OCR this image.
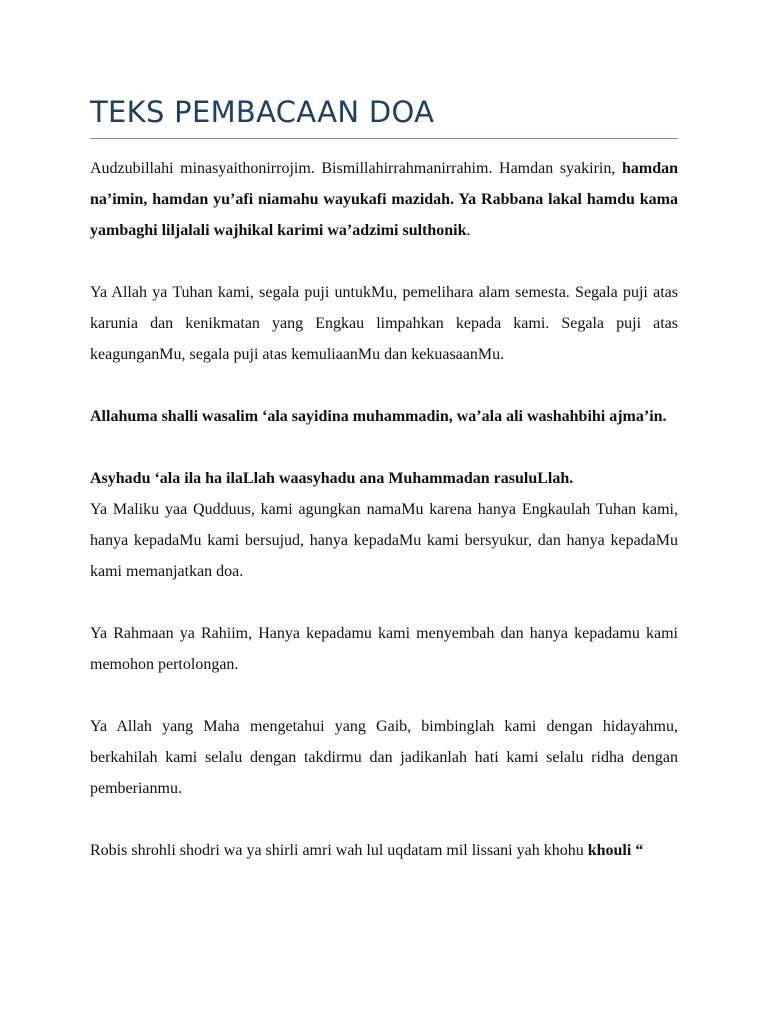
TEKS PEMBACAAN DOA

Audzubillahi minasyaithonirrojim. Bismillahirrahmanirrahim. Hamdan syakirin, hamdan na’imin, hamdan yu’afi niamahu wayukafi mazidah. Ya Rabbana lakal hamdu kama yambaghi liljalali wajhikal karimi wa’adzimi sulthonik.

Ya Allah ya Tuhan kami, segala puji untukMu, pemelihara alam semesta. Segala puji atas karunia dan kenikmatan yang Engkau limpahkan kepada kami. Segala puji atas keagunganMu, segala puji atas kemuliaanMu dan kekuasaanMu.

Allahuma shalli wasalim ‘ala sayidina muhammadin, wa’ala ali washahbihi ajma’in.

Asyhadu ‘ala ila ha ilaLlah waasyhadu ana Muhammadan rasuluLlah.

Ya Maliku yaa Qudduus, kami agungkan namaMu karena hanya Engkaulah Tuhan kami, hanya kepadaMu kami bersujud, hanya kepadaMu kami bersyukur, dan hanya kepadaMu kami memanjatkan doa.

Ya Rahmaan ya Rahiim, Hanya kepadamu kami menyembah dan hanya kepadamu kami memohon pertolongan.

Ya Allah yang Maha mengetahui yang Gaib, bimbinglah kami dengan hidayahmu, berkahilah kami selalu dengan takdirmu dan jadikanlah hati kami selalu ridha dengan pemberianmu.

Robis shrohli shodri wa ya shirli amri wah lul uqdatam mil lissani yah khohu khouli “
